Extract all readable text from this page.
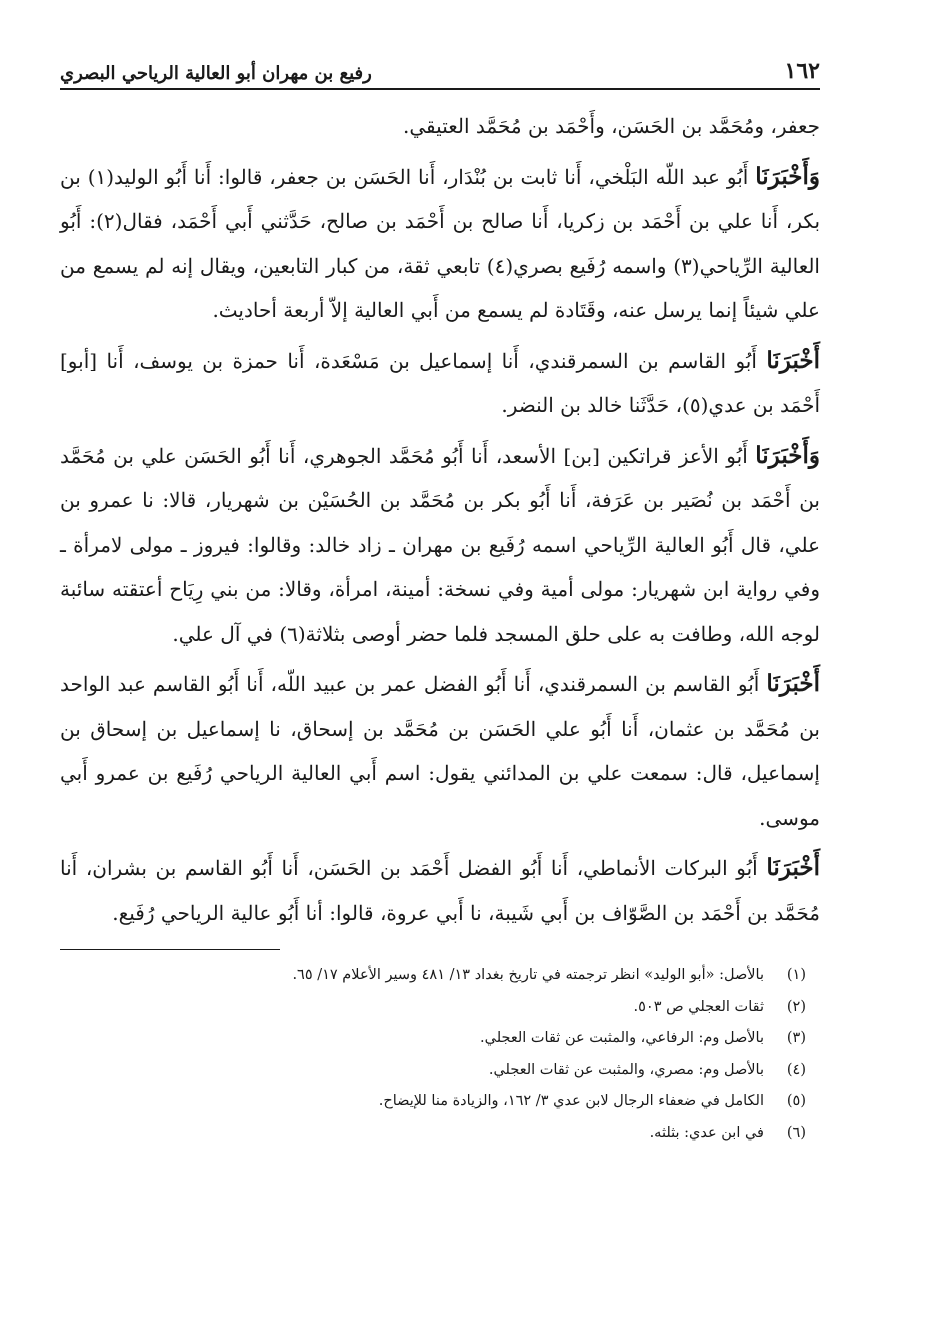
١٦٢
رفيع بن مهران أبو العالية الرياحي البصري

جعفر، ومُحَمَّد بن الحَسَن، وأَحْمَد بن مُحَمَّد العتيقي.

وَأَخْبَرَنَا أَبُو عبد اللّه البَلْخي، أَنا ثابت بن بُنْدَار، أَنا الحَسَن بن جعفر، قالوا: أَنا أَبُو الوليد(١) بن بكر، أَنا علي بن أَحْمَد بن زكريا، أَنا صالح بن أَحْمَد بن صالح، حَدَّثني أَبي أَحْمَد، فقال(٢): أَبُو العالية الرِّياحي(٣) واسمه رُفَيع بصري(٤) تابعي ثقة، من كبار التابعين، ويقال إنه لم يسمع من علي شيئاً إنما يرسل عنه، وقَتَادة لم يسمع من أَبي العالية إلاّ أربعة أحاديث.

أَخْبَرَنَا أَبُو القاسم بن السمرقندي، أَنا إسماعيل بن مَسْعَدة، أَنا حمزة بن يوسف، أَنا [أبو] أَحْمَد بن عدي(٥)، حَدَّثَنا خالد بن النضر.

وَأَخْبَرَنَا أَبُو الأعز قراتكين [بن] الأسعد، أَنا أَبُو مُحَمَّد الجوهري، أَنا أَبُو الحَسَن علي بن مُحَمَّد بن أَحْمَد بن نُصَير بن عَرَفة، أَنا أَبُو بكر بن مُحَمَّد بن الحُسَيْن بن شهريار، قالا: نا عمرو بن علي، قال أَبُو العالية الرِّياحي اسمه رُفَيع بن مهران ـ زاد خالد: وقالوا: فيروز ـ مولى لامرأة ـ وفي رواية ابن شهريار: مولى أمية وفي نسخة: أمينة، امرأة، وقالا: من بني رِيَاح أعتقته سائبة لوجه الله، وطافت به على حلق المسجد فلما حضر أوصى بثلاثة(٦) في آل علي.

أَخْبَرَنَا أَبُو القاسم بن السمرقندي، أَنا أَبُو الفضل عمر بن عبيد اللّه، أَنا أَبُو القاسم عبد الواحد بن مُحَمَّد بن عثمان، أَنا أَبُو علي الحَسَن بن مُحَمَّد بن إسحاق، نا إسماعيل بن إسحاق بن إسماعيل، قال: سمعت علي بن المدائني يقول: اسم أَبي العالية الرياحي رُفَيع بن عمرو أَبي موسى.

أَخْبَرَنَا أَبُو البركات الأنماطي، أَنا أَبُو الفضل أَحْمَد بن الحَسَن، أَنا أَبُو القاسم بن بشران، أَنا مُحَمَّد بن أَحْمَد بن الصَّوّاف بن أَبي شَيبة، نا أَبي عروة، قالوا: أنا أَبُو عالية الرياحي رُفَيع.

(١)
بالأصل: «أبو الوليد» انظر ترجمته في تاريخ بغداد ١٣/ ٤٨١ وسير الأعلام ١٧/ ٦٥.
(٢)
ثقات العجلي ص ٥٠٣.
(٣)
بالأصل وم: الرفاعي، والمثبت عن ثقات العجلي.
(٤)
بالأصل وم: مصري، والمثبت عن ثقات العجلي.
(٥)
الكامل في ضعفاء الرجال لابن عدي ٣/ ١٦٢، والزيادة منا للإيضاح.
(٦)
في ابن عدي: بثلثه.
